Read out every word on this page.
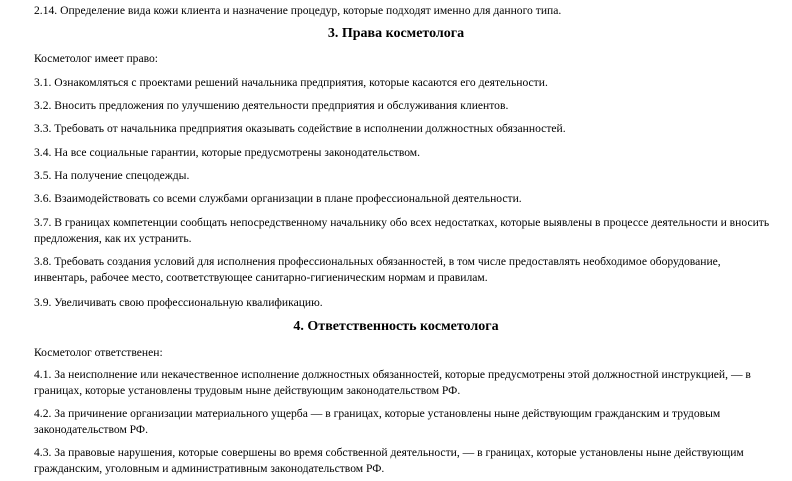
2.14. Определение вида кожи клиента и назначение процедур, которые подходят именно для данного типа.

3. Права косметолога

Косметолог имеет право:

3.1. Ознакомляться с проектами решений начальника предприятия, которые касаются его деятельности.

3.2. Вносить предложения по улучшению деятельности предприятия и обслуживания клиентов.

3.3. Требовать от начальника предприятия оказывать содействие в исполнении должностных обязанностей.

3.4. На все социальные гарантии, которые предусмотрены законодательством.

3.5. На получение спецодежды.

3.6. Взаимодействовать со всеми службами организации в плане профессиональной деятельности.

3.7. В границах компетенции сообщать непосредственному начальнику обо всех недостатках, которые выявлены в процессе деятельности и вносить предложения, как их устранить.

3.8. Требовать создания условий для исполнения профессиональных обязанностей, в том числе предоставлять необходимое оборудование, инвентарь, рабочее место, соответствующее санитарно-гигиеническим нормам и правилам.

3.9. Увеличивать свою профессиональную квалификацию.

4. Ответственность косметолога

Косметолог ответственен:

4.1. За неисполнение или некачественное исполнение должностных обязанностей, которые предусмотрены этой должностной инструкцией, — в границах, которые установлены трудовым ныне действующим законодательством РФ.

4.2. За причинение организации материального ущерба — в границах, которые установлены ныне действующим гражданским и трудовым законодательством РФ.

4.3. За правовые нарушения, которые совершены во время собственной деятельности, — в границах, которые установлены ныне действующим гражданским, уголовным и административным законодательством РФ.
